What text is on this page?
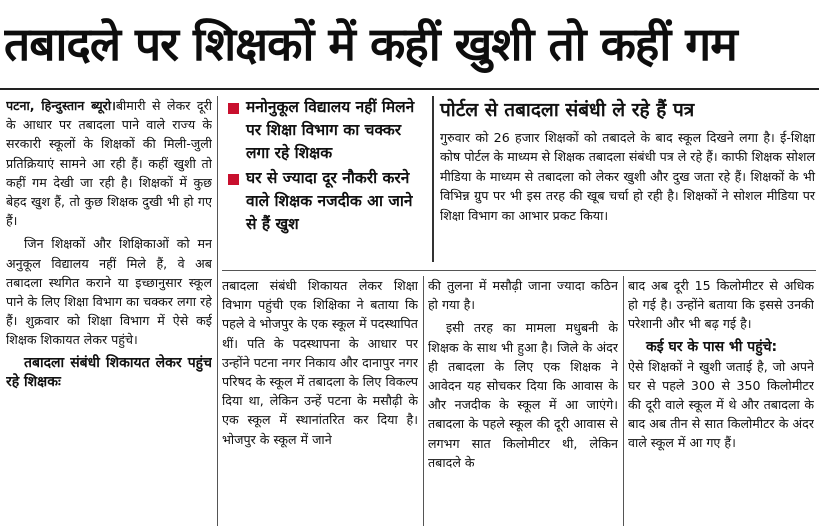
तबादले पर शिक्षकों में कहीं खुशी तो कहीं गम

पटना, हिन्दुस्तान ब्यूरो।बीमारी से लेकर दूरी के आधार पर तबादला पाने वाले राज्य के सरकारी स्कूलों के शिक्षकों की मिली-जुली प्रतिक्रियाएं सामने आ रही हैं। कहीं खुशी तो कहीं गम देखी जा रही है। शिक्षकों में कुछ बेहद खुश हैं, तो कुछ शिक्षक दुखी भी हो गए हैं।

जिन शिक्षकों और शिक्षिकाओं को मन अनुकूल विद्यालय नहीं मिले हैं, वे अब तबादला स्थगित कराने या इच्छानुसार स्कूल पाने के लिए शिक्षा विभाग का चक्कर लगा रहे हैं। शुक्रवार को शिक्षा विभाग में ऐसे कई शिक्षक शिकायत लेकर पहुंचे।

तबादला संबंधी शिकायत लेकर पहुंच रहे शिक्षकः

मनोनुकूल विद्यालय नहीं मिलने पर शिक्षा विभाग का चक्कर लगा रहे शिक्षक
घर से ज्यादा दूर नौकरी करने वाले शिक्षक नजदीक आ जाने से हैं खुश
पोर्टल से तबादला संबंधी ले रहे हैं पत्र
गुरुवार को 26 हजार शिक्षकों को तबादले के बाद स्कूल दिखने लगा है। ई-शिक्षा कोष पोर्टल के माध्यम से शिक्षक तबादला संबंधी पत्र ले रहे हैं। काफी शिक्षक सोशल मीडिया के माध्यम से तबादला को लेकर खुशी और दुख जता रहे हैं। शिक्षकों के भी विभिन्न ग्रुप पर भी इस तरह की खूब चर्चा हो रही है। शिक्षकों ने सोशल मीडिया पर शिक्षा विभाग का आभार प्रकट किया।

तबादला संबंधी शिकायत लेकर शिक्षा विभाग पहुंची एक शिक्षिका ने बताया कि पहले वे भोजपुर के एक स्कूल में पदस्थापित थीं। पति के पदस्थापना के आधार पर उन्होंने पटना नगर निकाय और दानापुर नगर परिषद के स्कूल में तबादला के लिए विकल्प दिया था, लेकिन उन्हें पटना के मसौढ़ी के एक स्कूल में स्थानांतरित कर दिया है। भोजपुर के स्कूल में जाने

की तुलना में मसौढ़ी जाना ज्यादा कठिन हो गया है।

इसी तरह का मामला मधुबनी के शिक्षक के साथ भी हुआ है। जिले के अंदर ही तबादला के लिए एक शिक्षक ने आवेदन यह सोचकर दिया कि आवास के और नजदीक के स्कूल में आ जाएंगे। तबादला के पहले स्कूल की दूरी आवास से लगभग सात किलोमीटर थी, लेकिन तबादले के

बाद अब दूरी 15 किलोमीटर से अधिक हो गई है। उन्होंने बताया कि इससे उनकी परेशानी और भी बढ़ गई है।

कई घर के पास भी पहुंचे:

ऐसे शिक्षकों ने खुशी जताई है, जो अपने घर से पहले 300 से 350 किलोमीटर की दूरी वाले स्कूल में थे और तबादला के बाद अब तीन से सात किलोमीटर के अंदर वाले स्कूल में आ गए हैं।
